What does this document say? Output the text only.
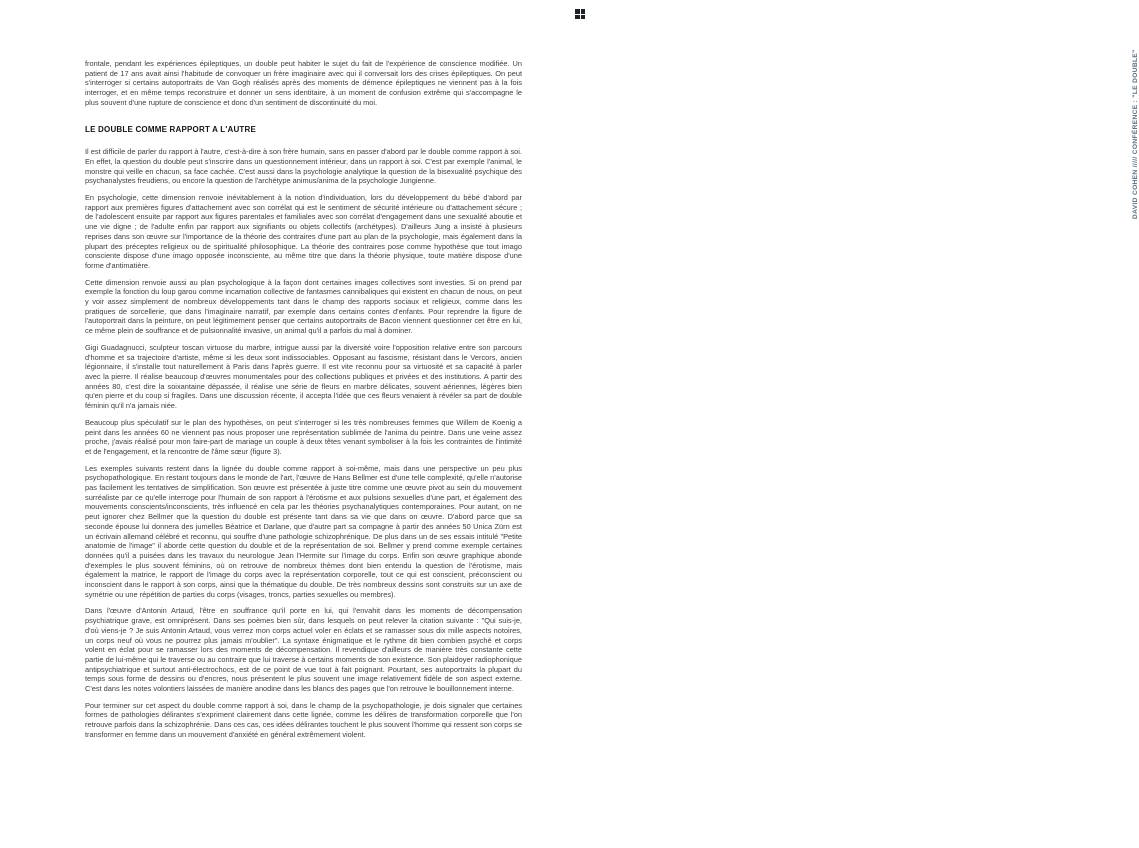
frontale, pendant les expériences épileptiques, un double peut habiter le sujet du fait de l'expérience de conscience modifiée. Un patient de 17 ans avait ainsi l'habitude de convoquer un frère imaginaire avec qui il conversait lors des crises épileptiques. On peut s'interroger si certains autoportraits de Van Gogh réalisés après des moments de démence épileptiques ne viennent pas à la fois interroger, et en même temps reconstruire et donner un sens identitaire, à un moment de confusion extrême qui s'accompagne le plus souvent d'une rupture de conscience et donc d'un sentiment de discontinuité du moi.

LE DOUBLE COMME RAPPORT A L'AUTRE

Il est difficile de parler du rapport à l'autre, c'est-à-dire à son frère humain, sans en passer d'abord par le double comme rapport à soi. En effet, la question du double peut s'inscrire dans un questionnement intérieur, dans un rapport à soi. C'est par exemple l'animal, le monstre qui veille en chacun, sa face cachée. C'est aussi dans la psychologie analytique la question de la bisexualité psychique des psychanalystes freudiens, ou encore la question de l'archétype animus/anima de la psychologie Jungienne.

En psychologie, cette dimension renvoie inévitablement à la notion d'individuation, lors du développement du bébé d'abord par rapport aux premières figures d'attachement avec son corrélat qui est le sentiment de sécurité intérieure ou d'attachement sécure ; de l'adolescent ensuite par rapport aux figures parentales et familiales avec son corrélat d'engagement dans une sexualité aboutie et une vie digne ; de l'adulte enfin par rapport aux signifiants ou objets collectifs (archétypes). D'ailleurs Jung a insisté à plusieurs reprises dans son œuvre sur l'importance de la théorie des contraires d'une part au plan de la psychologie, mais également dans la plupart des préceptes religieux ou de spiritualité philosophique. La théorie des contraires pose comme hypothèse que tout imago consciente dispose d'une imago opposée inconsciente, au même titre que dans la théorie physique, toute matière dispose d'une forme d'antimatière.

Cette dimension renvoie aussi au plan psychologique à la façon dont certaines images collectives sont investies. Si on prend par exemple la fonction du loup garou comme incarnation collective de fantasmes cannibaliques qui existent en chacun de nous, on peut y voir assez simplement de nombreux développements tant dans le champ des rapports sociaux et religieux, comme dans les pratiques de sorcellerie, que dans l'imaginaire narratif, par exemple dans certains contes d'enfants. Pour reprendre la figure de l'autoportrait dans la peinture, on peut légitimement penser que certains autoportraits de Bacon viennent questionner cet être en lui, ce même plein de souffrance et de pulsionnalité invasive, un animal qu'il a parfois du mal à dominer.

Gigi Guadagnucci, sculpteur toscan virtuose du marbre, intrigue aussi par la diversité voire l'opposition relative entre son parcours d'homme et sa trajectoire d'artiste, même si les deux sont indissociables. Opposant au fascisme, résistant dans le Vercors, ancien légionnaire, il s'installe tout naturellement à Paris dans l'après guerre. Il est vite reconnu pour sa virtuosité et sa capacité à parler avec la pierre. Il réalise beaucoup d'œuvres monumentales pour des collections publiques et privées et des institutions. A partir des années 80, c'est dire la soixantaine dépassée, il réalise une série de fleurs en marbre délicates, souvent aériennes, légères bien qu'en pierre et du coup si fragiles. Dans une discussion récente, il accepta l'idée que ces fleurs venaient à révéler sa part de double féminin qu'il n'a jamais niée.

Beaucoup plus spéculatif sur le plan des hypothèses, on peut s'interroger si les très nombreuses femmes que Willem de Koenig a peint dans les années 60 ne viennent pas nous proposer une représentation sublimée de l'anima du peintre. Dans une veine assez proche, j'avais réalisé pour mon faire-part de mariage un couple à deux têtes venant symboliser à la fois les contraintes de l'intimité et de l'engagement, et la rencontre de l'âme sœur (figure 3).

Les exemples suivants restent dans la lignée du double comme rapport à soi-même, mais dans une perspective un peu plus psychopathologique. En restant toujours dans le monde de l'art, l'œuvre de Hans Bellmer est d'une telle complexité, qu'elle n'autorise pas facilement les tentatives de simplification. Son œuvre est présentée à juste titre comme une œuvre pivot au sein du mouvement surréaliste par ce qu'elle interroge pour l'humain de son rapport à l'érotisme et aux pulsions sexuelles d'une part, et également des mouvements conscients/inconscients, très influencé en cela par les théories psychanalytiques contemporaines. Pour autant, on ne peut ignorer chez Bellmer que la question du double est présente tant dans sa vie que dans on œuvre. D'abord parce que sa seconde épouse lui donnera des jumelles Béatrice et Darlane, que d'autre part sa compagne à partir des années 50 Unica Zürn est un écrivain allemand célébré et reconnu, qui souffre d'une pathologie schizophrénique. De plus dans un de ses essais intitulé "Petite anatomie de l'image" il aborde cette question du double et de la représentation de soi. Bellmer y prend comme exemple certaines données qu'il a puisées dans les travaux du neurologue Jean l'Hermite sur l'image du corps. Enfin son œuvre graphique abonde d'exemples le plus souvent féminins, où on retrouve de nombreux thèmes dont bien entendu la question de l'érotisme, mais également la matrice, le rapport de l'image du corps avec la représentation corporelle, tout ce qui est conscient, préconscient ou inconscient dans le rapport à son corps, ainsi que la thématique du double. De très nombreux dessins sont construits sur un axe de symétrie ou une répétition de parties du corps (visages, troncs, parties sexuelles ou membres).

Dans l'œuvre d'Antonin Artaud, l'être en souffrance qu'il porte en lui, qui l'envahit dans les moments de décompensation psychiatrique grave, est omniprésent. Dans ses poèmes bien sûr, dans lesquels on peut relever la citation suivante : "Qui suis-je, d'où viens-je ? Je suis Antonin Artaud, vous verrez mon corps actuel voler en éclats et se ramasser sous dix mille aspects notoires, un corps neuf où vous ne pourrez plus jamais m'oublier". La syntaxe énigmatique et le rythme dit bien combien psyché et corps volent en éclat pour se ramasser lors des moments de décompensation. Il revendique d'ailleurs de manière très constante cette partie de lui-même qui le traverse ou au contraire que lui traverse à certains moments de son existence. Son plaidoyer radiophonique antipsychiatrique et surtout anti-électrochocs, est de ce point de vue tout à fait poignant. Pourtant, ses autoportraits la plupart du temps sous forme de dessins ou d'encres, nous présentent le plus souvent une image relativement fidèle de son aspect externe. C'est dans les notes volontiers laissées de manière anodine dans les blancs des pages que l'on retrouve le bouillonnement interne.

Pour terminer sur cet aspect du double comme rapport à soi, dans le champ de la psychopathologie, je dois signaler que certaines formes de pathologies délirantes s'expriment clairement dans cette lignée, comme les délires de transformation corporelle que l'on retrouve parfois dans la schizophrénie. Dans ces cas, ces idées délirantes touchent le plus souvent l'homme qui ressent son corps se transformer en femme dans un mouvement d'anxiété en général extrêmement violent.

DAVID COHEN ///// CONFÉRENCE : "LE DOUBLE"
